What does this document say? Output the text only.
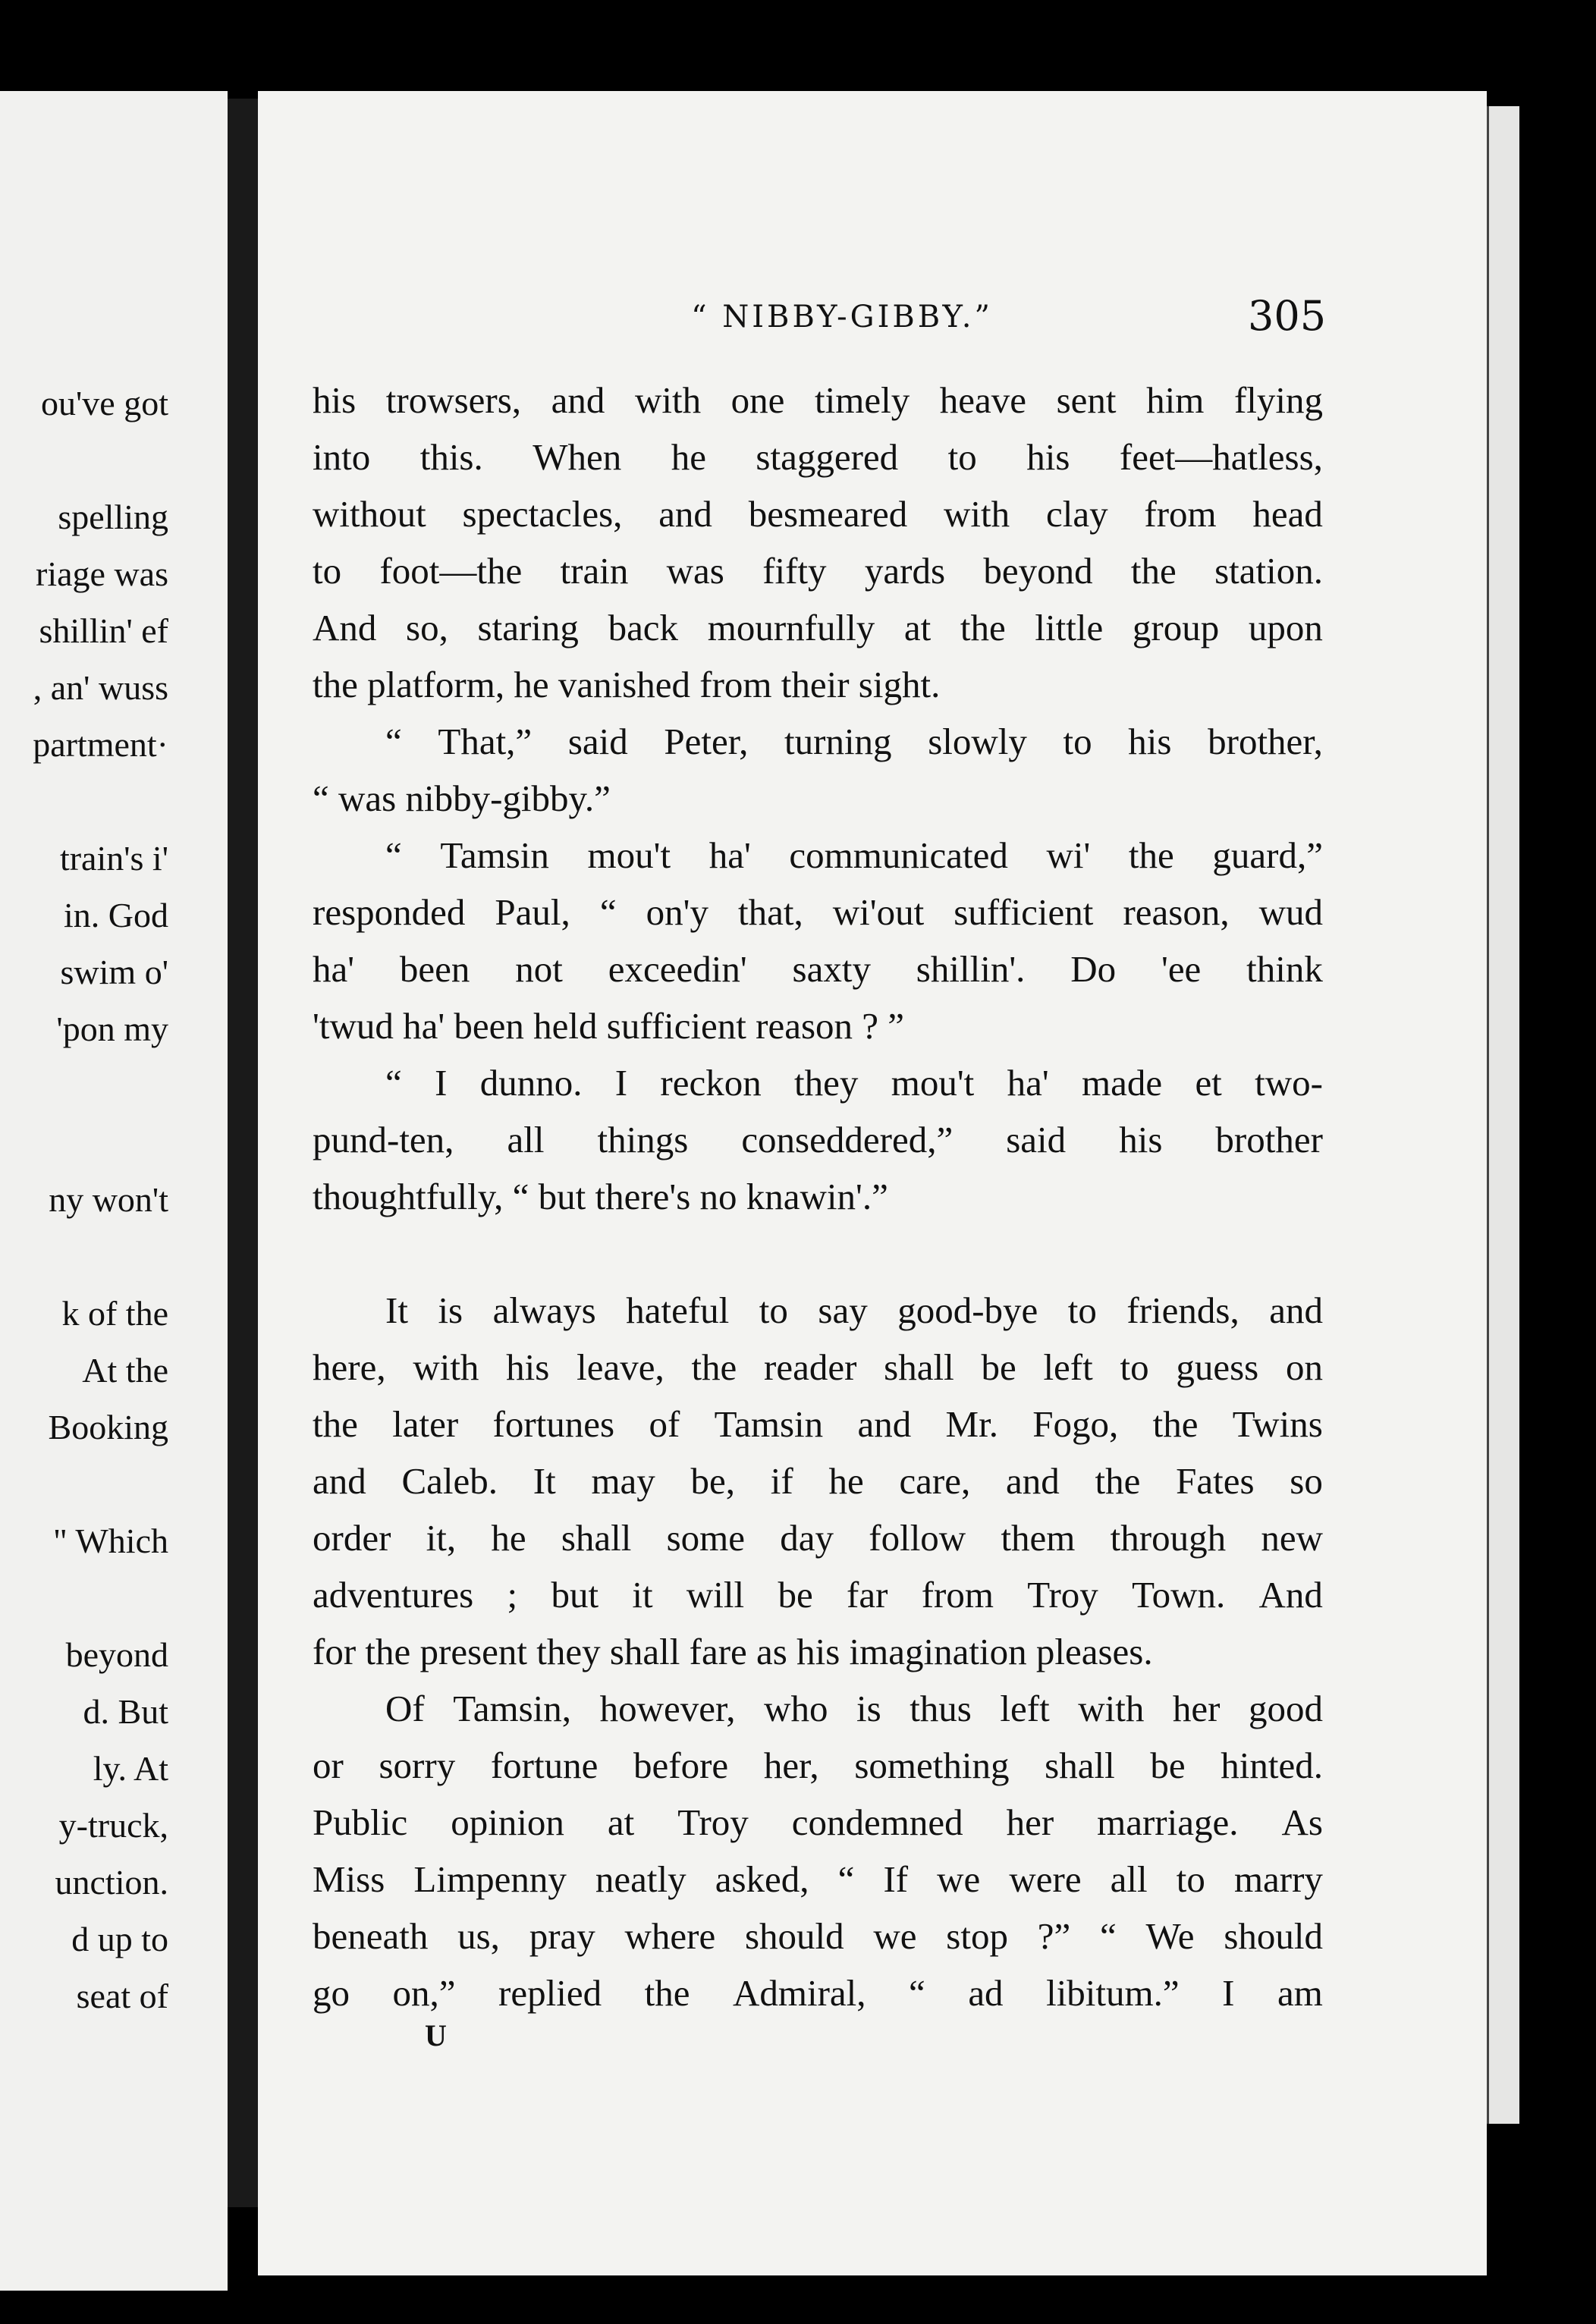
ou've got
spelling
riage was
shillin' ef
, an' wuss
partment·
train's i'
in. God
swim o'
'pon my
ny won't
k of the
At the
Booking
" Which
beyond
d. But
ly. At
y-truck,
unction.
d up to
seat of
“ NIBBY-GIBBY.”	305
his trowsers, and with one timely heave sent him flying
into this. When he staggered to his feet—hatless,
without spectacles, and besmeared with clay from head
to foot—the train was fifty yards beyond the station.
And so, staring back mournfully at the little group upon
the platform, he vanished from their sight.
“ That,” said Peter, turning slowly to his brother,
“ was nibby-gibby.”
“ Tamsin mou't ha' communicated wi' the guard,”
responded Paul, “ on'y that, wi'out sufficient reason, wud
ha' been not exceedin' saxty shillin'. Do 'ee think
'twud ha' been held sufficient reason ? ”
“ I dunno. I reckon they mou't ha' made et two-
pund-ten, all things conseddered,” said his brother
thoughtfully, “ but there's no knawin'.”
It is always hateful to say good-bye to friends, and
here, with his leave, the reader shall be left to guess on
the later fortunes of Tamsin and Mr. Fogo, the Twins
and Caleb. It may be, if he care, and the Fates so
order it, he shall some day follow them through new
adventures ; but it will be far from Troy Town. And
for the present they shall fare as his imagination pleases.
Of Tamsin, however, who is thus left with her good
or sorry fortune before her, something shall be hinted.
Public opinion at Troy condemned her marriage. As
Miss Limpenny neatly asked, “ If we were all to marry
beneath us, pray where should we stop ?” “ We should
go on,” replied the Admiral, “ ad libitum.” I am
U
